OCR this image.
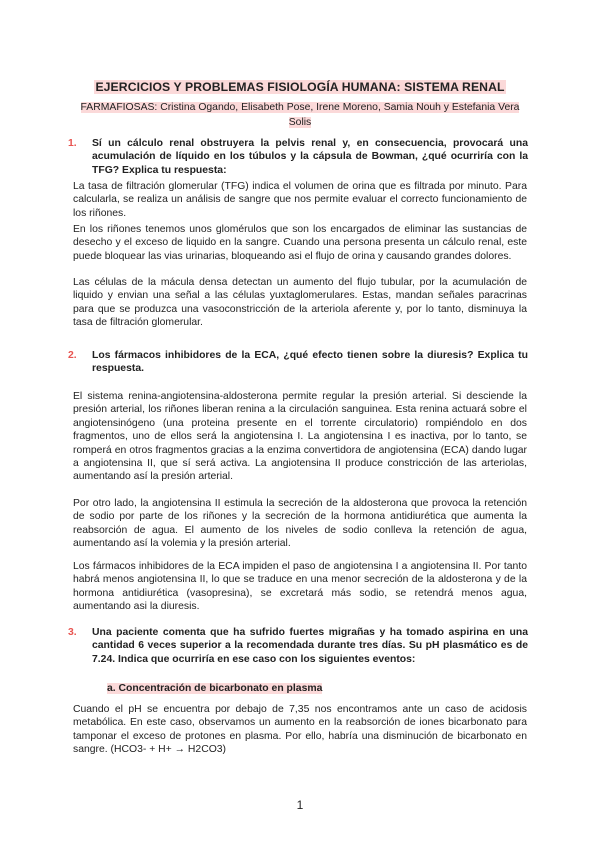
EJERCICIOS Y PROBLEMAS FISIOLOGÍA HUMANA: SISTEMA RENAL
FARMAFIOSAS: Cristina Ogando, Elisabeth Pose, Irene Moreno, Samia Nouh y Estefania Vera Solis
1. Sí un cálculo renal obstruyera la pelvis renal y, en consecuencia, provocará una acumulación de líquido en los túbulos y la cápsula de Bowman, ¿qué ocurriría con la TFG? Explica tu respuesta:
La tasa de filtración glomerular (TFG) indica el volumen de orina que es filtrada por minuto. Para calcularla, se realiza un análisis de sangre que nos permite evaluar el correcto funcionamiento de los riñones.
En los riñones tenemos unos glomérulos que son los encargados de eliminar las sustancias de desecho y el exceso de liquido en la sangre. Cuando una persona presenta un cálculo renal, este puede bloquear las vias urinarias, bloqueando asi el flujo de orina y causando grandes dolores.
Las células de la mácula densa detectan un aumento del flujo tubular, por la acumulación de liquido y envian una señal a las células yuxtaglomerulares. Estas, mandan señales paracrinas para que se produzca una vasoconstricción de la arteriola aferente y, por lo tanto, disminuya la tasa de filtración glomerular.
2. Los fármacos inhibidores de la ECA, ¿qué efecto tienen sobre la diuresis? Explica tu respuesta.
El sistema renina-angiotensina-aldosterona permite regular la presión arterial. Si desciende la presión arterial, los riñones liberan renina a la circulación sanguinea. Esta renina actuará sobre el angiotensinógeno (una proteina presente en el torrente circulatorio) rompiéndolo en dos fragmentos, uno de ellos será la angiotensina I. La angiotensina I es inactiva, por lo tanto, se romperá en otros fragmentos gracias a la enzima convertidora de angiotensina (ECA) dando lugar a angiotensina II, que sí será activa. La angiotensina II produce constricción de las arteriolas, aumentando así la presión arterial.
Por otro lado, la angiotensina II estimula la secreción de la aldosterona que provoca la retención de sodio por parte de los riñones y la secreción de la hormona antidiurética que aumenta la reabsorción de agua. El aumento de los niveles de sodio conlleva la retención de agua, aumentando así la volemia y la presión arterial.
Los fármacos inhibidores de la ECA impiden el paso de angiotensina I a angiotensina II. Por tanto habrá menos angiotensina II, lo que se traduce en una menor secreción de la aldosterona y de la hormona antidiurética (vasopresina), se excretará más sodio, se retendrá menos agua, aumentando asi la diuresis.
3. Una paciente comenta que ha sufrido fuertes migrañas y ha tomado aspirina en una cantidad 6 veces superior a la recomendada durante tres días. Su pH plasmático es de 7.24. Indica que ocurriría en ese caso con los siguientes eventos:
a. Concentración de bicarbonato en plasma
Cuando el pH se encuentra por debajo de 7,35 nos encontramos ante un caso de acidosis metabólica. En este caso, observamos un aumento en la reabsorción de iones bicarbonato para tamponar el exceso de protones en plasma. Por ello, habría una disminución de bicarbonato en sangre. (HCO3- + H+ → H2CO3)
1
